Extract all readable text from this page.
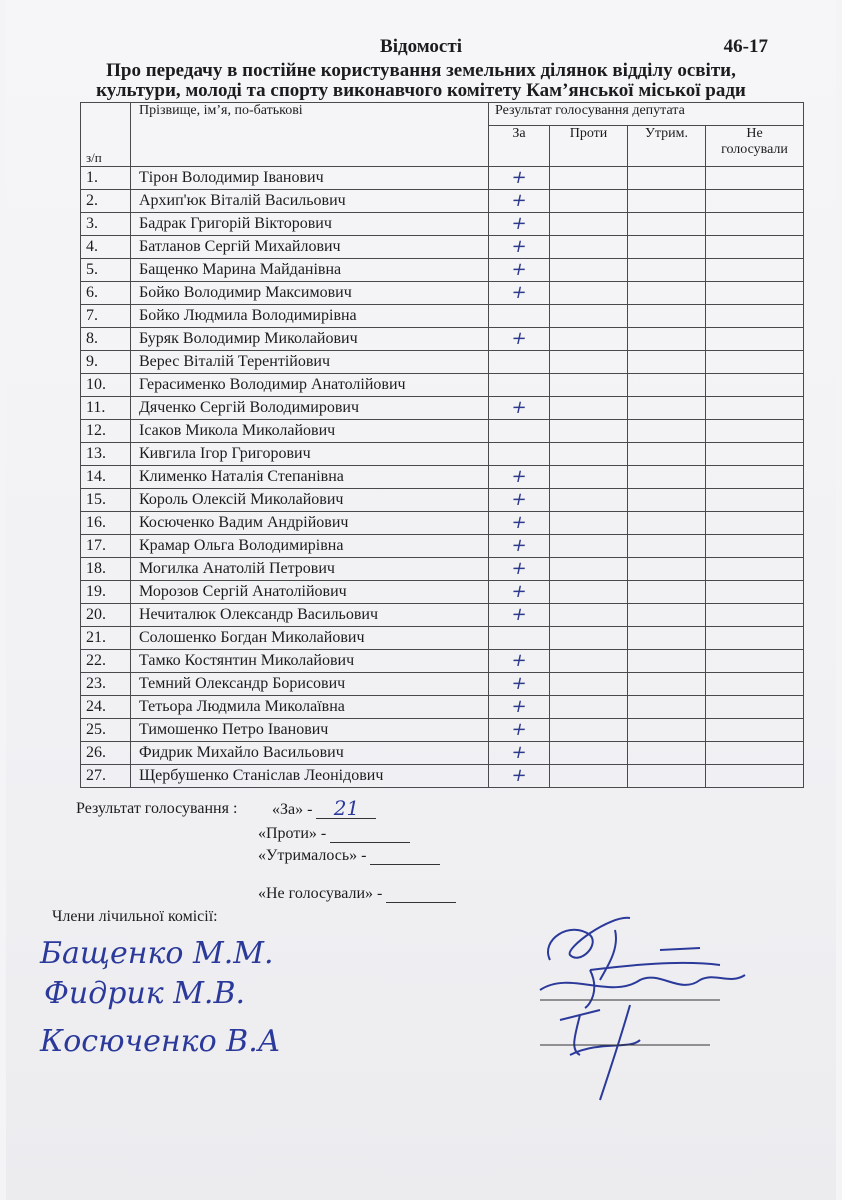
Відомості	46-17
Про передачу в постійне користування земельних ділянок відділу освіти,
культури, молоді та спорту виконавчого комітету Кам’янської міської ради
з/п	Прізвище, ім’я, по-батькові	Результат голосування депутата			
		За	Проти	Утрим.	Не
голосували
1.	Тірон Володимир Іванович	+			

2.	Архип'юк Віталій Васильович	+			

3.	Бадрак Григорій Вікторович	+			

4.	Батланов Сергій Михайлович	+			

5.	Бащенко Марина Майданівна	+			

6.	Бойко Володимир Максимович	+			

7.	Бойко Людмила Володимирівна	

8.	Буряк Володимир Миколайович	+			

9.	Верес Віталій Терентійович	

10.	Герасименко Володимир Анатолійович	

11.	Дяченко Сергій Володимирович	+			

12.	Ісаков Микола Миколайович	

13.	Кивгила Ігор Григорович	

14.	Клименко Наталія Степанівна	+			

15.	Король Олексій Миколайович	+			

16.	Косюченко Вадим Андрійович	+			

17.	Крамар Ольга Володимирівна	+			

18.	Могилка Анатолій Петрович	+			

19.	Морозов Сергій Анатолійович	+			

20.	Нечиталюк Олександр Васильович	+			

21.	Солошенко Богдан Миколайович	

22.	Тамко Костянтин Миколайович	+			

23.	Темний Олександр Борисович	+			

24.	Тетьора Людмила Миколаївна	+			

25.	Тимошенко Петро Іванович	+			

26.	Фидрик Михайло Васильович	+			

27.	Щербушенко Станіслав Леонідович	+			

Результат голосування : «За» - 21
«Проти» -
«Утрималось» -
«Не голосували» -
Члени лічильної комісії:
Бащенко М.М.
Фидрик М.В.
Косюченко В.А
